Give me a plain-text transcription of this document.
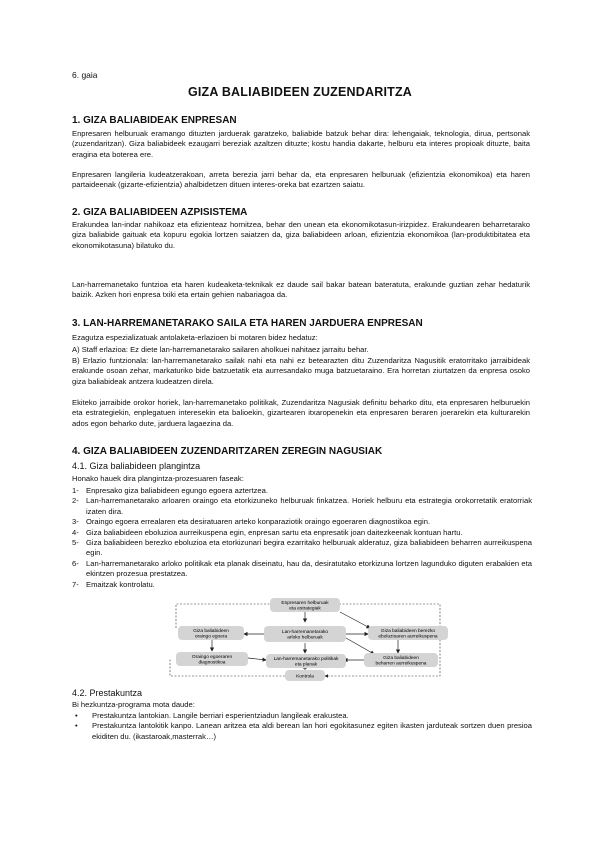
6. gaia
GIZA BALIABIDEEN ZUZENDARITZA
1. GIZA BALIABIDEAK ENPRESAN
Enpresaren helburuak eramango dituzten jarduerak garatzeko, baliabide batzuk behar dira: lehengaiak, teknologia, dirua, pertsonak (zuzendaritzan). Giza baliabideek ezaugarri bereziak azaltzen dituzte; kostu handia dakarte, helburu eta interes propioak dituzte, baita eragina eta boterea ere.
Enpresaren langileria kudeatzerakoan, arreta berezia jarri behar da, eta enpresaren helburuak (efizientzia ekonomikoa) eta haren partaideenak (gizarte-efizientzia) ahalbidetzen dituen interes-oreka bat ezartzen saiatu.
2. GIZA BALIABIDEEN AZPISISTEMA
Erakundea lan-indar nahikoaz eta efizienteaz hornitzea, behar den unean eta ekonomikotasun-irizpidez. Erakundearen beharretarako giza baliabide gaituak eta kopuru egokia lortzen saiatzen da, giza baliabideen arloan, efizientzia ekonomikoa (lan-produktibitatea eta ekonomikotasuna) bilatuko du.
Lan-harremanetako funtzioa eta haren kudeaketa-teknikak ez daude sail bakar batean bateratuta, erakunde guztian zehar hedaturik baizik. Azken hori enpresa txiki eta ertain gehien nabariagoa da.
3. LAN-HARREMANETARAKO SAILA ETA HAREN JARDUERA ENPRESAN
Ezagutza espezializatuak antolaketa-erlazioen bi motaren bidez hedatuz:
A) Staff erlazioa: Ez diete lan-harremanetarako sailaren aholkuei nahitaez jarraitu behar.
B) Erlazio funtzionala: lan-harremanetarako sailak nahi eta nahi ez betearazten ditu Zuzendaritza Nagusitik eratorritako jarraibideak erakunde osoan zehar, markaturiko bide batzuetatik eta aurresandako muga batzuetaraino. Era horretan ziurtatzen da enpresa osoko giza baliabideak antzera kudeatzen direla.
Ekiteko jarraibide orokor horiek, lan-harremanetako politikak, Zuzendaritza Nagusiak definitu beharko ditu, eta enpresaren helburuekin eta estrategiekin, enplegatuen interesekin eta balioekin, gizartearen itxaropenekin eta enpresaren beraren joerarekin eta kulturarekin ados egon beharko dute, jarduera lagaezina da.
4. GIZA BALIABIDEEN ZUZENDARITZAREN ZEREGIN NAGUSIAK
4.1. Giza baliabideen plangintza
Honako hauek dira plangintza-prozesuaren faseak:
1- Enpresako giza baliabideen egungo egoera aztertzea.
2- Lan-harremanetarako arloaren oraingo eta etorkizuneko helburuak finkatzea. Horiek helburu eta estrategia orokorretatik eratorriak izaten dira.
3- Oraingo egoera errealaren eta desiratuaren arteko konparaziotik oraingo egoeraren diagnostikoa egin.
4- Giza baliabideen eboluzioa aurreikuspena egin, enpresan sartu eta enpresatik joan daitezkeenak kontuan hartu.
5- Giza baliabideen berezko eboluzioa eta etorkizunari begira ezarritako helburuak alderatuz, giza baliabideen beharren aurreikuspena egin.
6- Lan-harremanetarako arloko politikak eta planak diseinatu, hau da, desiratutako etorkizuna lortzen lagunduko diguten erabakien eta ekintzen prozesua prestatzea.
7- Emaitzak kontrolatu.
Enpresaren helburuak
eta estrategiak
Giza baliabideen
oraingo egoera
Oraingo egoeraren
diagnostikoa
Lan-harremanetarako
arloko helburuak
Lan-harremanetarako politikak
eta planak
Giza baliabideen berezko
eboluzioaren aurreikuspena
Giza baliabideen
beharren aurreikuspena
Kontrola
4.2. Prestakuntza
Bi hezkuntza-programa mota daude:
• Prestakuntza lantokian. Langile berriari esperientziadun langileak erakustea.
• Prestakuntza lantokitik kanpo. Lanean aritzea eta aldi berean lan hori egokitasunez egiten ikasten jarduteak sortzen duen presioa ekiditen du. (ikastaroak,masterrak…)
